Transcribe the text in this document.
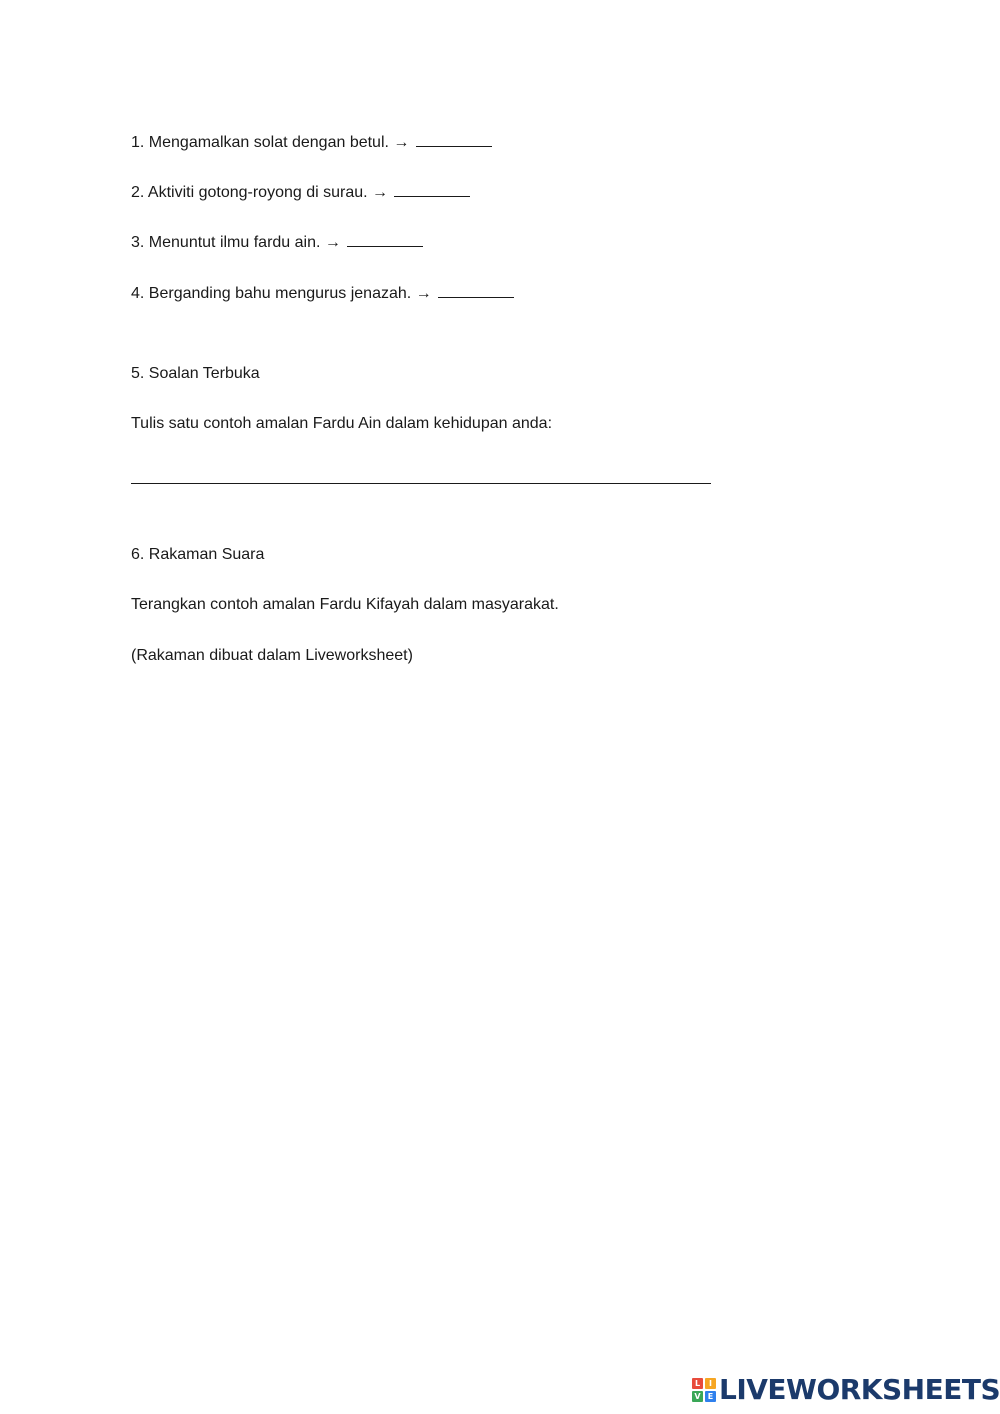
1. Mengamalkan solat dengan betul. →
2. Aktiviti gotong-royong di surau. →
3. Menuntut ilmu fardu ain. →
4. Berganding bahu mengurus jenazah. →
5. Soalan Terbuka
Tulis satu contoh amalan Fardu Ain dalam kehidupan anda:
6. Rakaman Suara
Terangkan contoh amalan Fardu Kifayah dalam masyarakat.
(Rakaman dibuat dalam Liveworksheet)
L	I
V E LIVEWORKSHEETS
